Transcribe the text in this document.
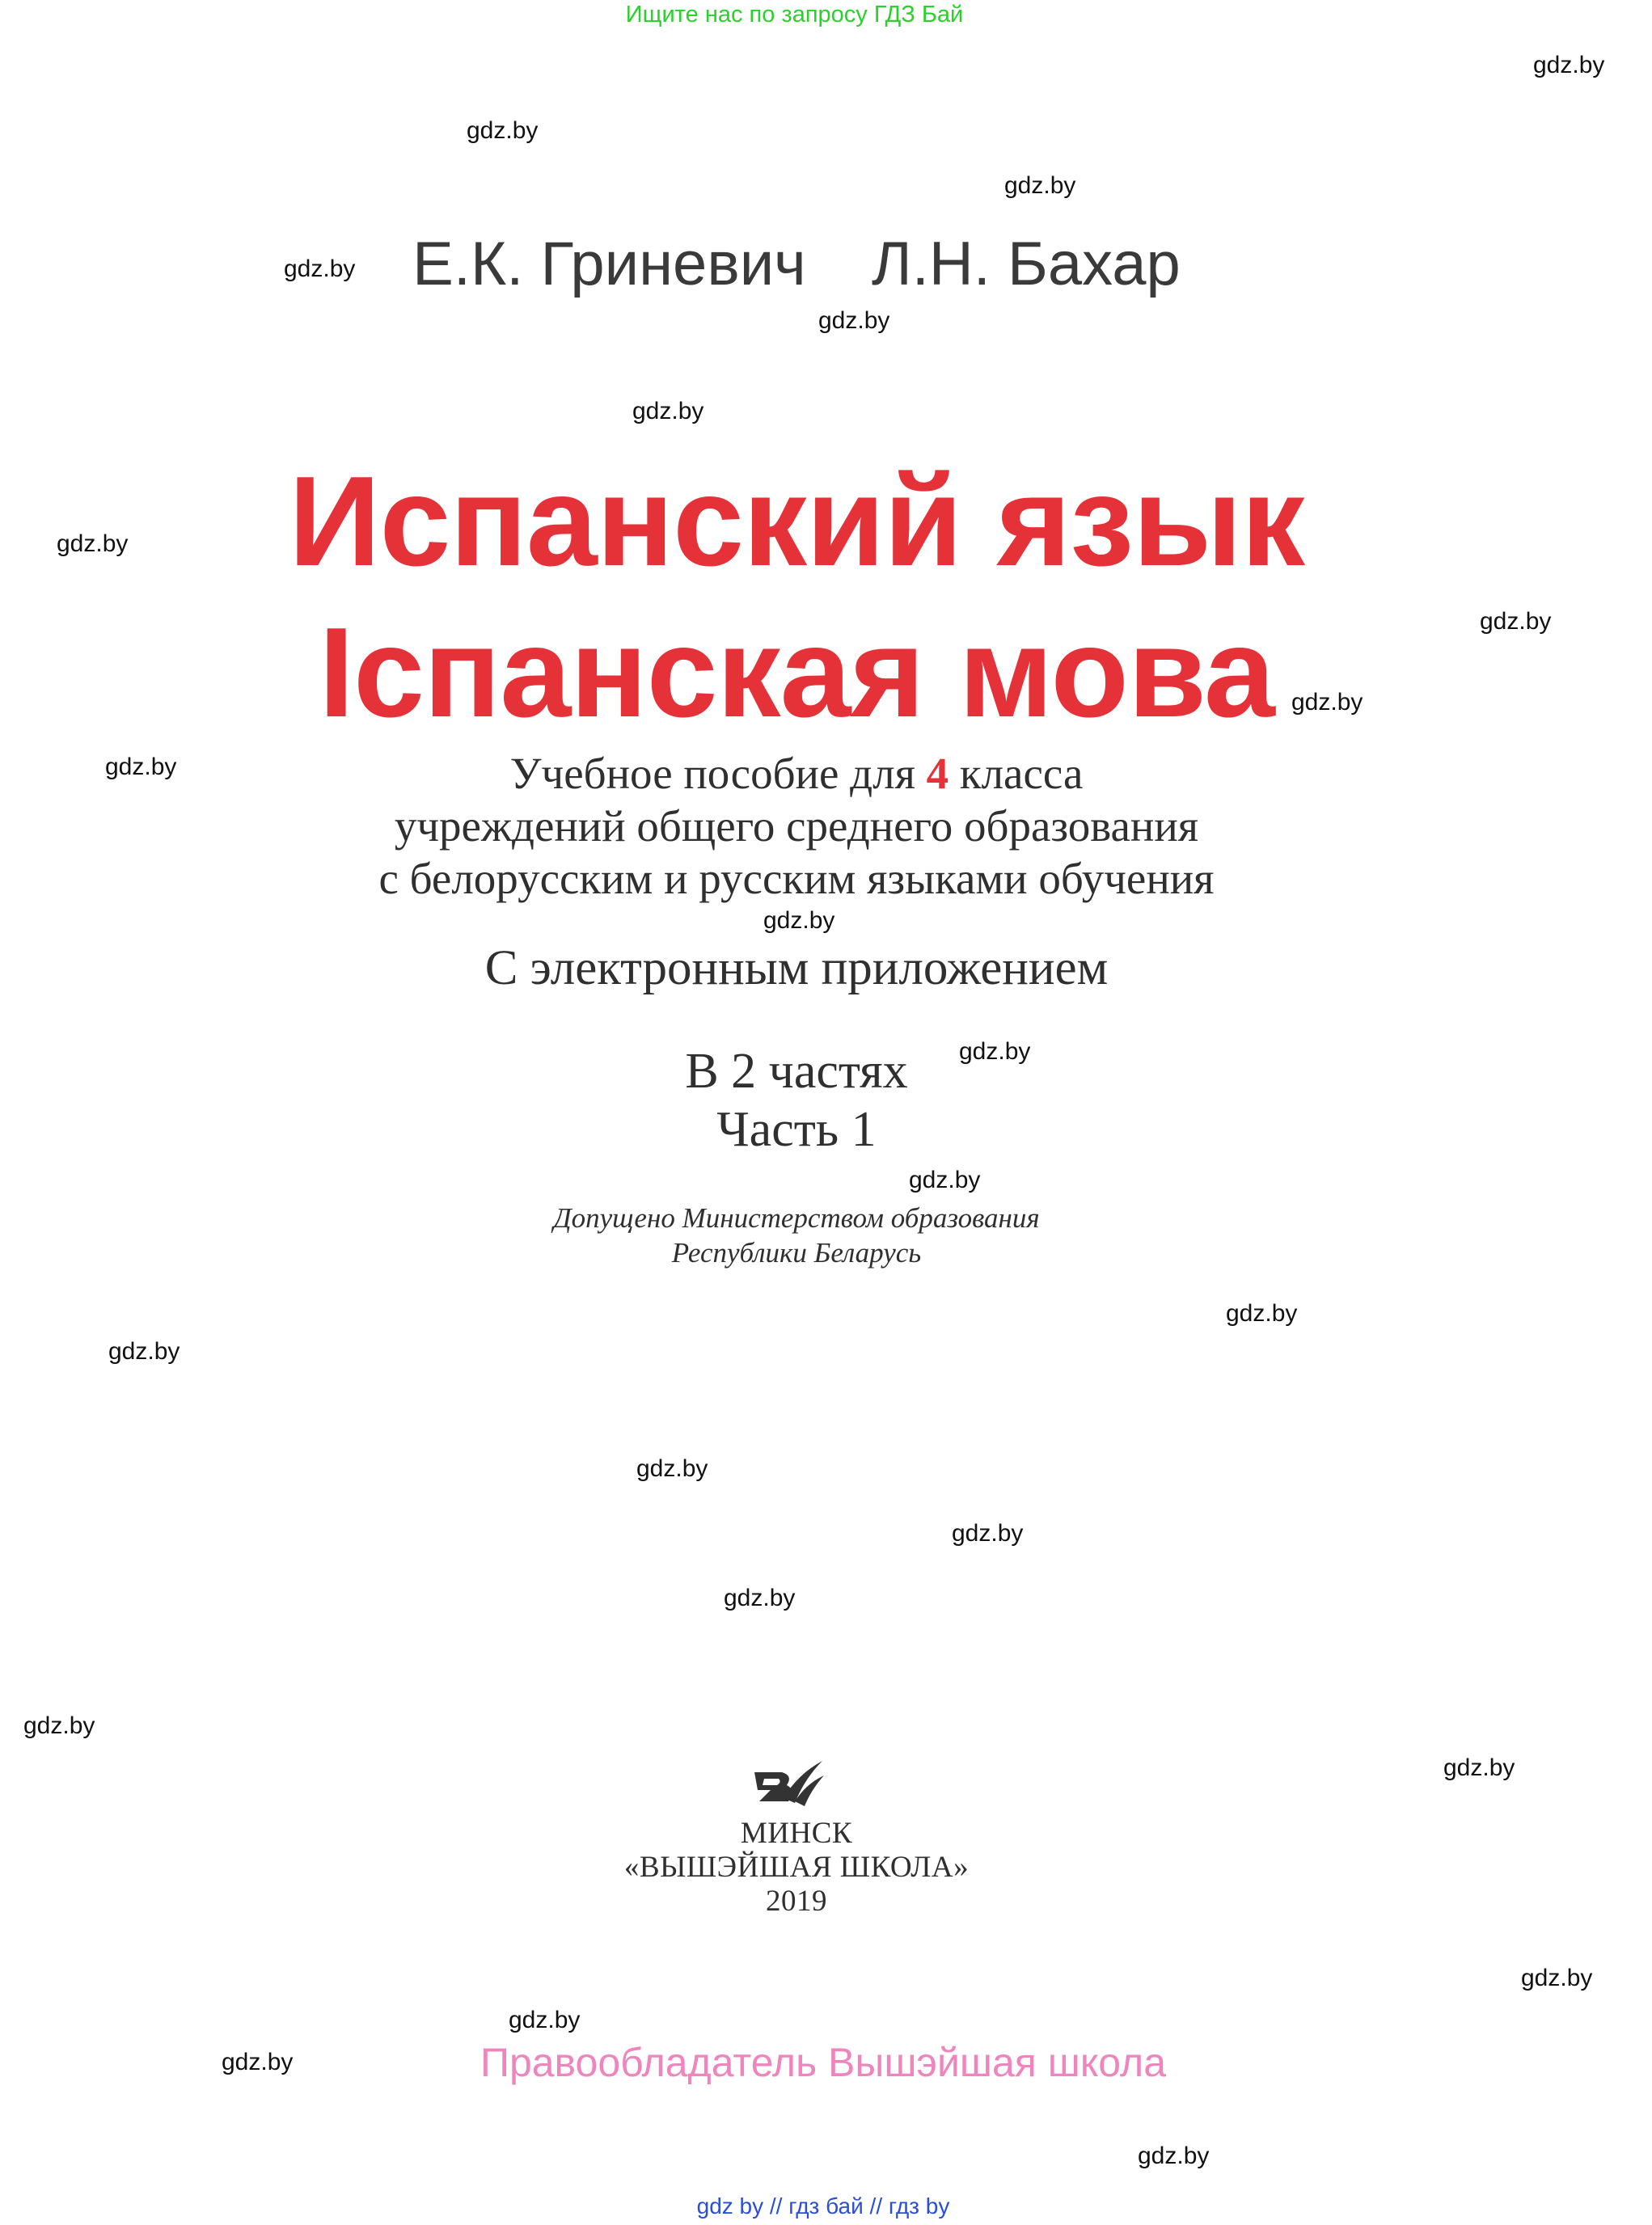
Ищите нас по запросу ГДЗ Бай
gdz.by
gdz.by
gdz.by
gdz.by
gdz.by
gdz.by
gdz.by
gdz.by
gdz.by
gdz.by
gdz.by
gdz.by
gdz.by
gdz.by
gdz.by
gdz.by
gdz.by
gdz.by
gdz.by
gdz.by
gdz.by
gdz.by
gdz.by
gdz.by
Е.К. Гриневич Л.Н. Бахар
Испанский язык
Іспанская мова
Учебное пособие для 4 класса
учреждений общего среднего образования
с белорусским и русским языками обучения
С электронным приложением
В 2 частях
Часть 1
Допущено Министерством образования
Республики Беларусь
МИНСК
«ВЫШЭЙШАЯ ШКОЛА»
2019
Правообладатель Вышэйшая школа
gdz by // гдз бай // гдз by
